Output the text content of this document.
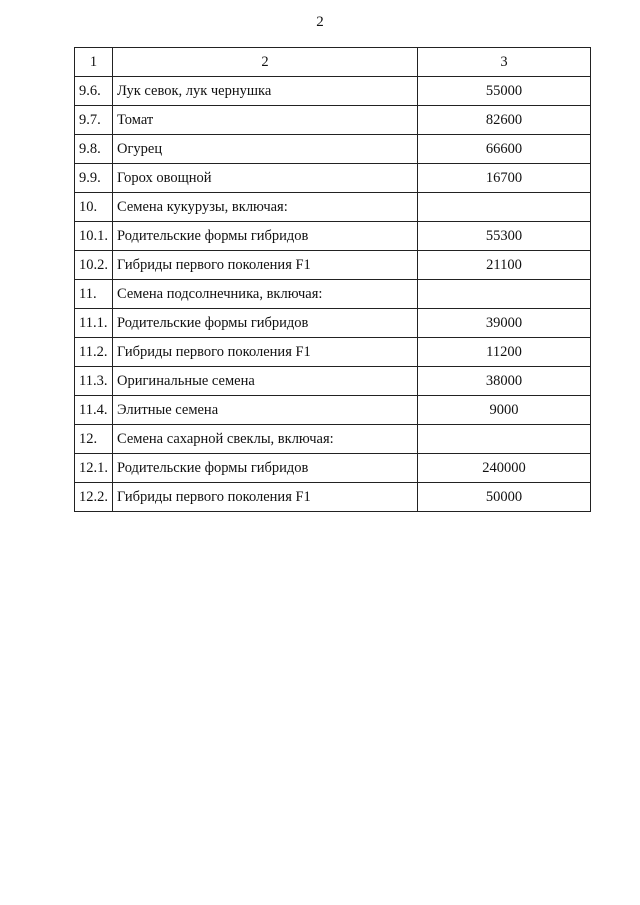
2
1	2	3
9.6.	Лук севок, лук чернушка	55000
9.7.	Томат	82600
9.8.	Огурец	66600
9.9.	Горох овощной	16700
10.	Семена кукурузы, включая:	
10.1.	Родительские формы гибридов	55300
10.2.	Гибриды первого поколения F1	21100
11.	Семена подсолнечника, включая:	
11.1.	Родительские формы гибридов	39000
11.2.	Гибриды первого поколения F1	11200
11.3.	Оригинальные семена	38000
11.4.	Элитные семена	9000
12.	Семена сахарной свеклы, включая:	
12.1.	Родительские формы гибридов	240000
12.2.	Гибриды первого поколения F1	50000
